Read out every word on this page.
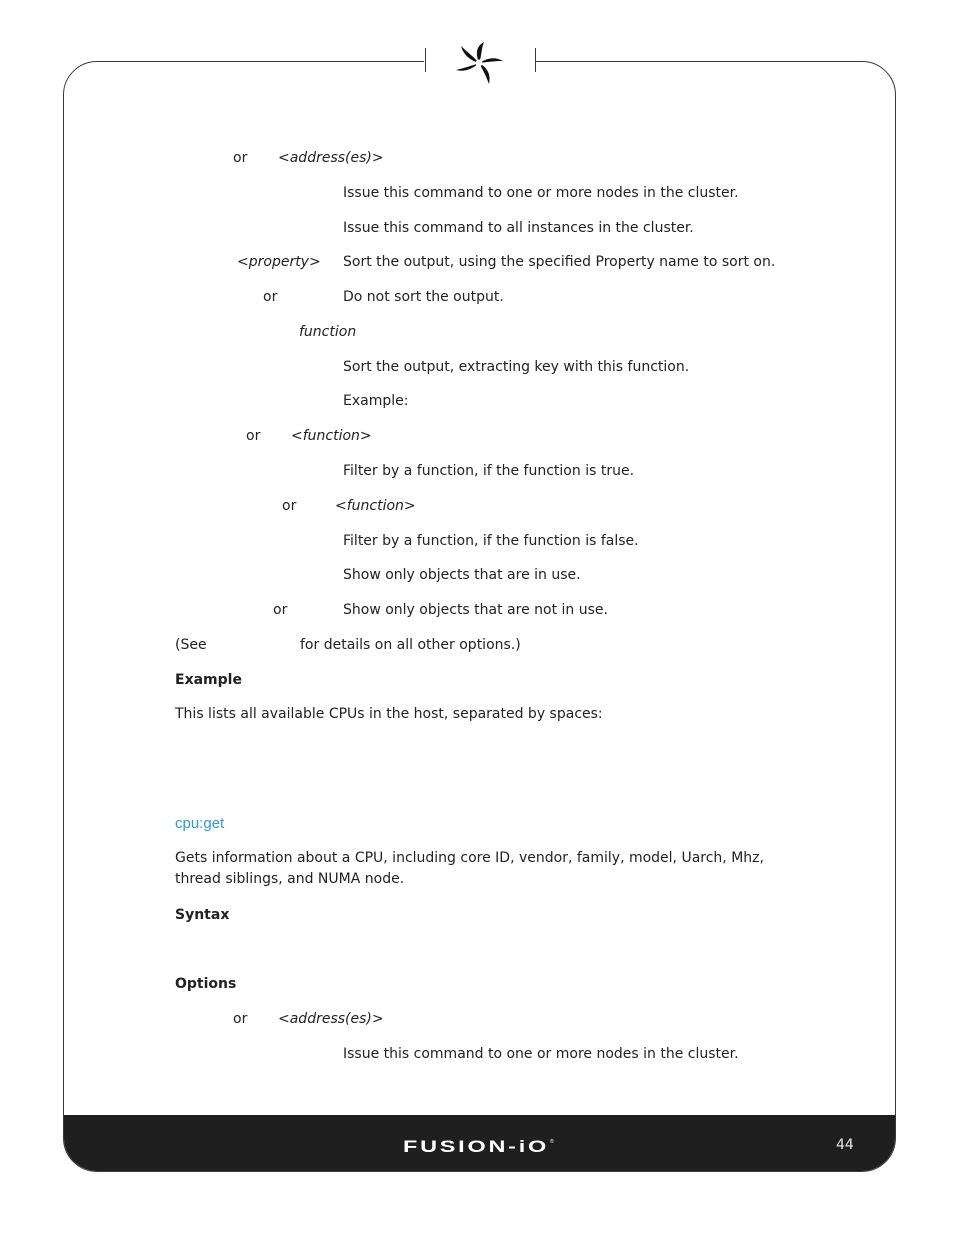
or <address(es)>
Issue this command to one or more nodes in the cluster.
Issue this command to all instances in the cluster.
<property> Sort the output, using the specified Property name to sort on.
or	Do not sort the output.
function
Sort the output, extracting key with this function.
Example:
or <function>
Filter by a function, if the function is true.
or	<function>
Filter by a function, if the function is false.
Show only objects that are in use.
or	Show only objects that are not in use.
(See	for details on all other options.)
Example
This lists all available CPUs in the host, separated by spaces:
cpu:get
Gets information about a CPU, including core ID, vendor, family, model, Uarch, Mhz, thread siblings, and NUMA node.
Syntax
Options
or <address(es)>
Issue this command to one or more nodes in the cluster.
FUSION-iO ®	44
